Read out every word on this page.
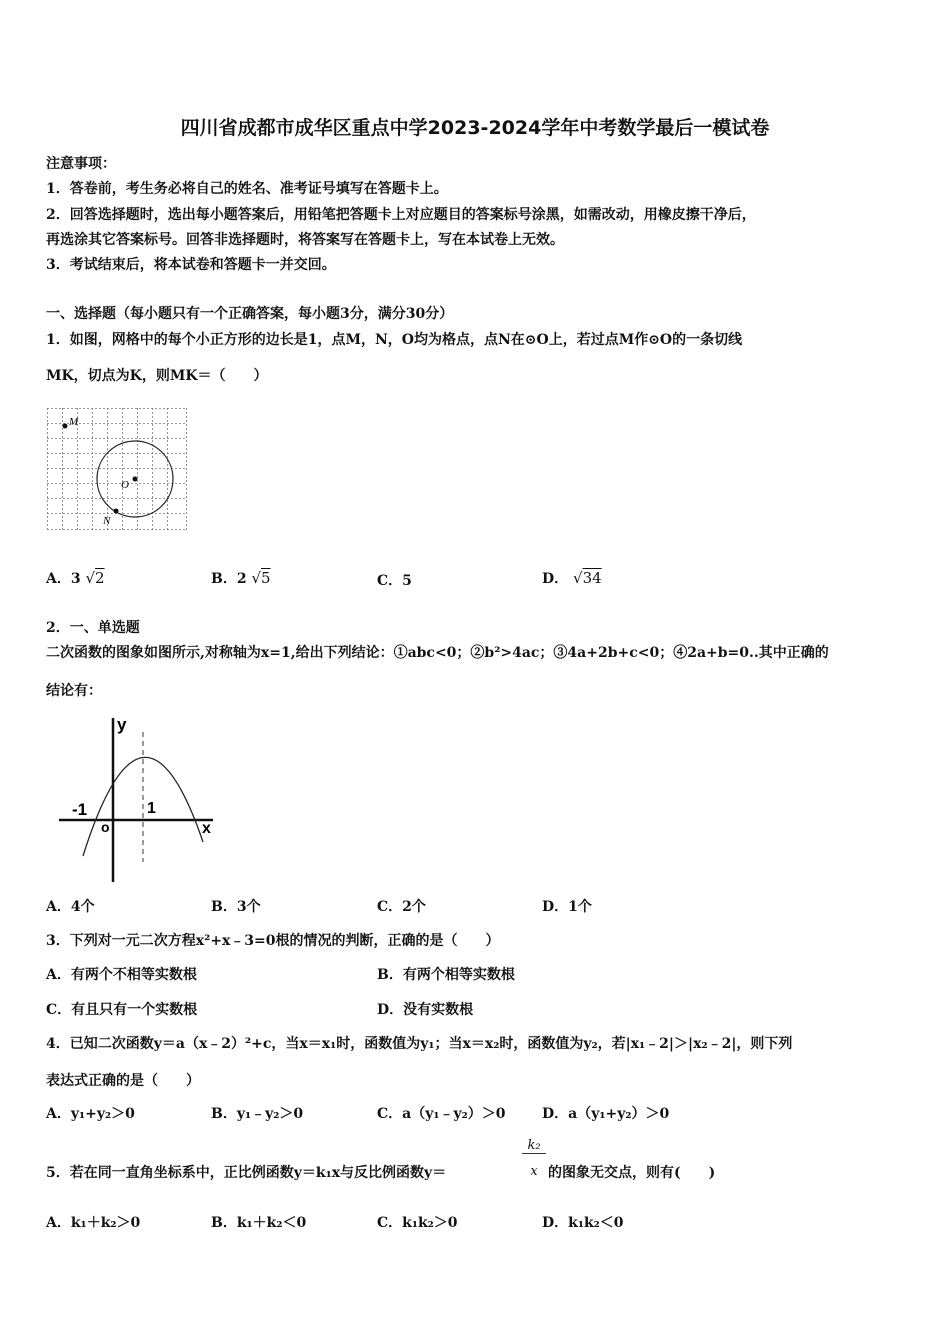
四川省成都市成华区重点中学2023-2024学年中考数学最后一模试卷
注意事项：
1．答卷前，考生务必将自己的姓名、准考证号填写在答题卡上。
2．回答选择题时，选出每小题答案后，用铅笔把答题卡上对应题目的答案标号涂黑，如需改动，用橡皮擦干净后，
再选涂其它答案标号。回答非选择题时，将答案写在答题卡上，写在本试卷上无效。
3．考试结束后，将本试卷和答题卡一并交回。
一、选择题（每小题只有一个正确答案，每小题3分，满分30分）
1．如图，网格中的每个小正方形的边长是1，点M，N，O均为格点，点N在⊙O上，若过点M作⊙O的一条切线
MK，切点为K，则MK＝（　　）
M
O
N
A．3 √2	B．2 √5	C．5	D． √34
2．一、单选题
二次函数的图象如图所示,对称轴为x=1,给出下列结论：①abc<0；②b²>4ac；③4a+2b+c<0；④2a+b=0..其中正确的
结论有：
y
x
-1	1
o
A．4个	B．3个	C．2个	D．1个
3．下列对一元二次方程x²+x﹣3=0根的情况的判断，正确的是（　　）
A．有两个不相等实数根	B．有两个相等实数根
C．有且只有一个实数根	D．没有实数根
4．已知二次函数y＝a（x﹣2）²+c，当x＝x₁时，函数值为y₁；当x＝x₂时，函数值为y₂，若|x₁﹣2|＞|x₂﹣2|，则下列
表达式正确的是（　　）
A．y₁+y₂＞0	B．y₁﹣y₂＞0	C．a（y₁﹣y₂）＞0	D．a（y₁+y₂）＞0
5．若在同一直角坐标系中，正比例函数y＝k₁x与反比例函数y＝
k₂
x 的图象无交点，则有(　　)
A．k₁＋k₂＞0	B．k₁＋k₂＜0	C．k₁k₂＞0	D．k₁k₂＜0
